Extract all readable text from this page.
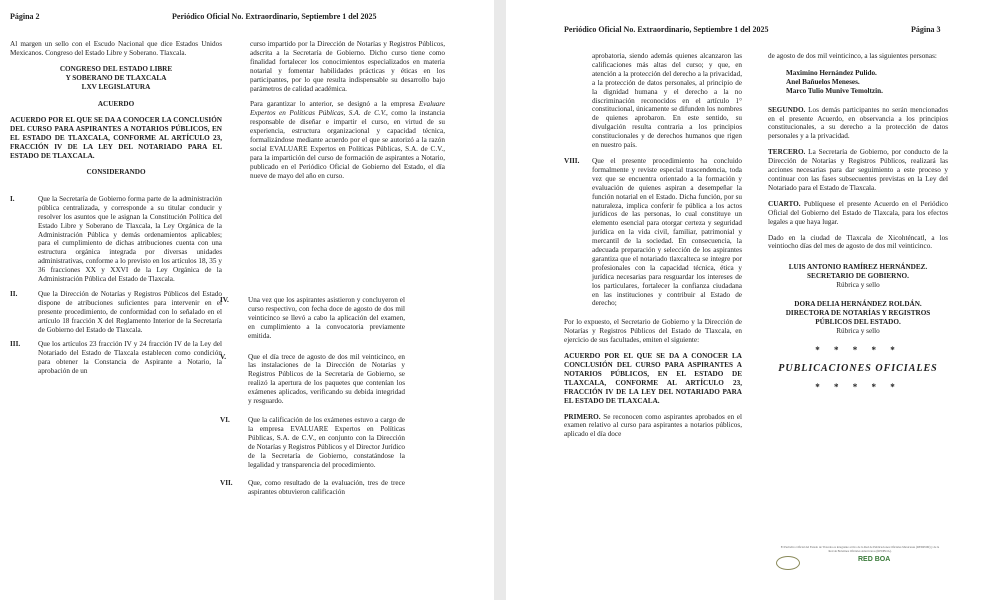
Página 2	Periódico Oficial No. Extraordinario, Septiembre 1 del 2025

Al margen un sello con el Escudo Nacional que dice Estados Unidos Mexicanos. Congreso del Estado Libre y Soberano. Tlaxcala.

CONGRESO DEL ESTADO LIBRE
Y SOBERANO DE TLAXCALA
LXV LEGISLATURA
ACUERDO

ACUERDO POR EL QUE SE DA A CONOCER LA CONCLUSIÓN DEL CURSO PARA ASPIRANTES A NOTARIOS PÚBLICOS, EN EL ESTADO DE TLAXCALA, CONFORME AL ARTÍCULO 23, FRACCIÓN IV DE LA LEY DEL NOTARIADO PARA EL ESTADO DE TLAXCALA.

CONSIDERANDO
I.	Que la Secretaría de Gobierno forma parte de la administración pública centralizada, y corresponde a su titular conducir y resolver los asuntos que le asignan la Constitución Política del Estado Libre y Soberano de Tlaxcala, la Ley Orgánica de la Administración Pública y demás ordenamientos aplicables; para el cumplimiento de dichas atribuciones cuenta con una estructura orgánica integrada por diversas unidades administrativas, conforme a lo previsto en los artículos 18, 35 y 36 fracciones XX y XXVI de la Ley Orgánica de la Administración Pública del Estado de Tlaxcala.
II.	Que la Dirección de Notarías y Registros Públicos del Estado dispone de atribuciones suficientes para intervenir en el presente procedimiento, de conformidad con lo señalado en el artículo 18 fracción X del Reglamento Interior de la Secretaría de Gobierno del Estado de Tlaxcala.
III.	Que los artículos 23 fracción IV y 24 fracción IV de la Ley del Notariado del Estado de Tlaxcala establecen como condición para obtener la Constancia de Aspirante a Notario, la aprobación de un

curso impartido por la Dirección de Notarías y Registros Públicos, adscrita a la Secretaría de Gobierno. Dicho curso tiene como finalidad fortalecer los conocimientos especializados en materia notarial y fomentar habilidades prácticas y éticas en los participantes, por lo que resulta indispensable su desarrollo bajo parámetros de calidad académica.

Para garantizar lo anterior, se designó a la empresa Evaluare Expertos en Políticas Públicas, S.A. de C.V., como la instancia responsable de diseñar e impartir el curso, en virtud de su experiencia, estructura organizacional y capacidad técnica, formalizándose mediante acuerdo por el que se autorizó a la razón social EVALUARE Expertos en Políticas Públicas, S.A. de C.V., para la impartición del curso de formación de aspirantes a Notario, publicado en el Periódico Oficial de Gobierno del Estado, el día nueve de mayo del año en curso.

IV.	Una vez que los aspirantes asistieron y concluyeron el curso respectivo, con fecha doce de agosto de dos mil veinticinco se llevó a cabo la aplicación del examen, en cumplimiento a la convocatoria previamente emitida.
V.	Que el día trece de agosto de dos mil veinticinco, en las instalaciones de la Dirección de Notarías y Registros Públicos de la Secretaría de Gobierno, se realizó la apertura de los paquetes que contenían los exámenes aplicados, verificando su debida integridad y resguardo.
VI.	Que la calificación de los exámenes estuvo a cargo de la empresa EVALUARE Expertos en Políticas Públicas, S.A. de C.V., en conjunto con la Dirección de Notarías y Registros Públicos y el Director Jurídico de la Secretaría de Gobierno, constatándose la legalidad y transparencia del procedimiento.
VII.	Que, como resultado de la evaluación, tres de trece aspirantes obtuvieron calificación
Periódico Oficial No. Extraordinario, Septiembre 1 del 2025	Página 3

aprobatoria, siendo además quienes alcanzaron las calificaciones más altas del curso; y que, en atención a la protección del derecho a la privacidad, a la protección de datos personales, al principio de la dignidad humana y el derecho a la no discriminación reconocidos en el artículo 1° constitucional, únicamente se difunden los nombres de quienes aprobaron. En este sentido, su divulgación resulta contraria a los principios constitucionales y de derechos humanos que rigen en nuestro país.

VIII.	Que el presente procedimiento ha concluido formalmente y reviste especial trascendencia, toda vez que se encuentra orientado a la formación y evaluación de quienes aspiran a desempeñar la función notarial en el Estado. Dicha función, por su naturaleza, implica conferir fe pública a los actos jurídicos de las personas, lo cual constituye un elemento esencial para otorgar certeza y seguridad jurídica en la vida civil, familiar, patrimonial y mercantil de la sociedad. En consecuencia, la adecuada preparación y selección de los aspirantes garantiza que el notariado tlaxcalteca se integre por profesionales con la capacidad técnica, ética y jurídica necesarias para resguardar los intereses de los particulares, fortalecer la confianza ciudadana en las instituciones y contribuir al Estado de derecho;

Por lo expuesto, el Secretario de Gobierno y la Dirección de Notarías y Registros Públicos del Estado de Tlaxcala, en ejercicio de sus facultades, emiten el siguiente:

ACUERDO POR EL QUE SE DA A CONOCER LA CONCLUSIÓN DEL CURSO PARA ASPIRANTES A NOTARIOS PÚBLICOS, EN EL ESTADO DE TLAXCALA, CONFORME AL ARTÍCULO 23, FRACCIÓN IV DE LA LEY DEL NOTARIADO PARA EL ESTADO DE TLAXCALA.

PRIMERO. Se reconocen como aspirantes aprobados en el examen relativo al curso para aspirantes a notarios públicos, aplicado el día doce

de agosto de dos mil veinticinco, a las siguientes personas:

Maximino Hernández Pulido.
Anel Bañuelos Meneses.
Marco Tulio Munive Temoltzin.

SEGUNDO. Los demás participantes no serán mencionados en el presente Acuerdo, en observancia a los principios constitucionales, a su derecho a la protección de datos personales y a la privacidad.

TERCERO. La Secretaría de Gobierno, por conducto de la Dirección de Notarías y Registros Públicos, realizará las acciones necesarias para dar seguimiento a este proceso y continuar con las fases subsecuentes previstas en la Ley del Notariado para el Estado de Tlaxcala.

CUARTO. Publíquese el presente Acuerdo en el Periódico Oficial del Gobierno del Estado de Tlaxcala, para los efectos legales a que haya lugar.

Dado en la ciudad de Tlaxcala de Xicohténcatl, a los veintiocho días del mes de agosto de dos mil veinticinco.

LUIS ANTONIO RAMÍREZ HERNÁNDEZ.
SECRETARIO DE GOBIERNO.
Rúbrica y sello
DORA DELIA HERNÁNDEZ ROLDÁN.
DIRECTORA DE NOTARÍAS Y REGISTROS PÚBLICOS DEL ESTADO.
Rúbrica y sello
* * * * *
PUBLICACIONES OFICIALES
* * * * *
El Periódico Oficial del Estado de Tlaxcala es integrante activo de la Red de Publicaciones Oficiales Mexicanas (REDPOM) y de la Red de Boletines Oficiales Americanos (REDBOA).
RED BOA
